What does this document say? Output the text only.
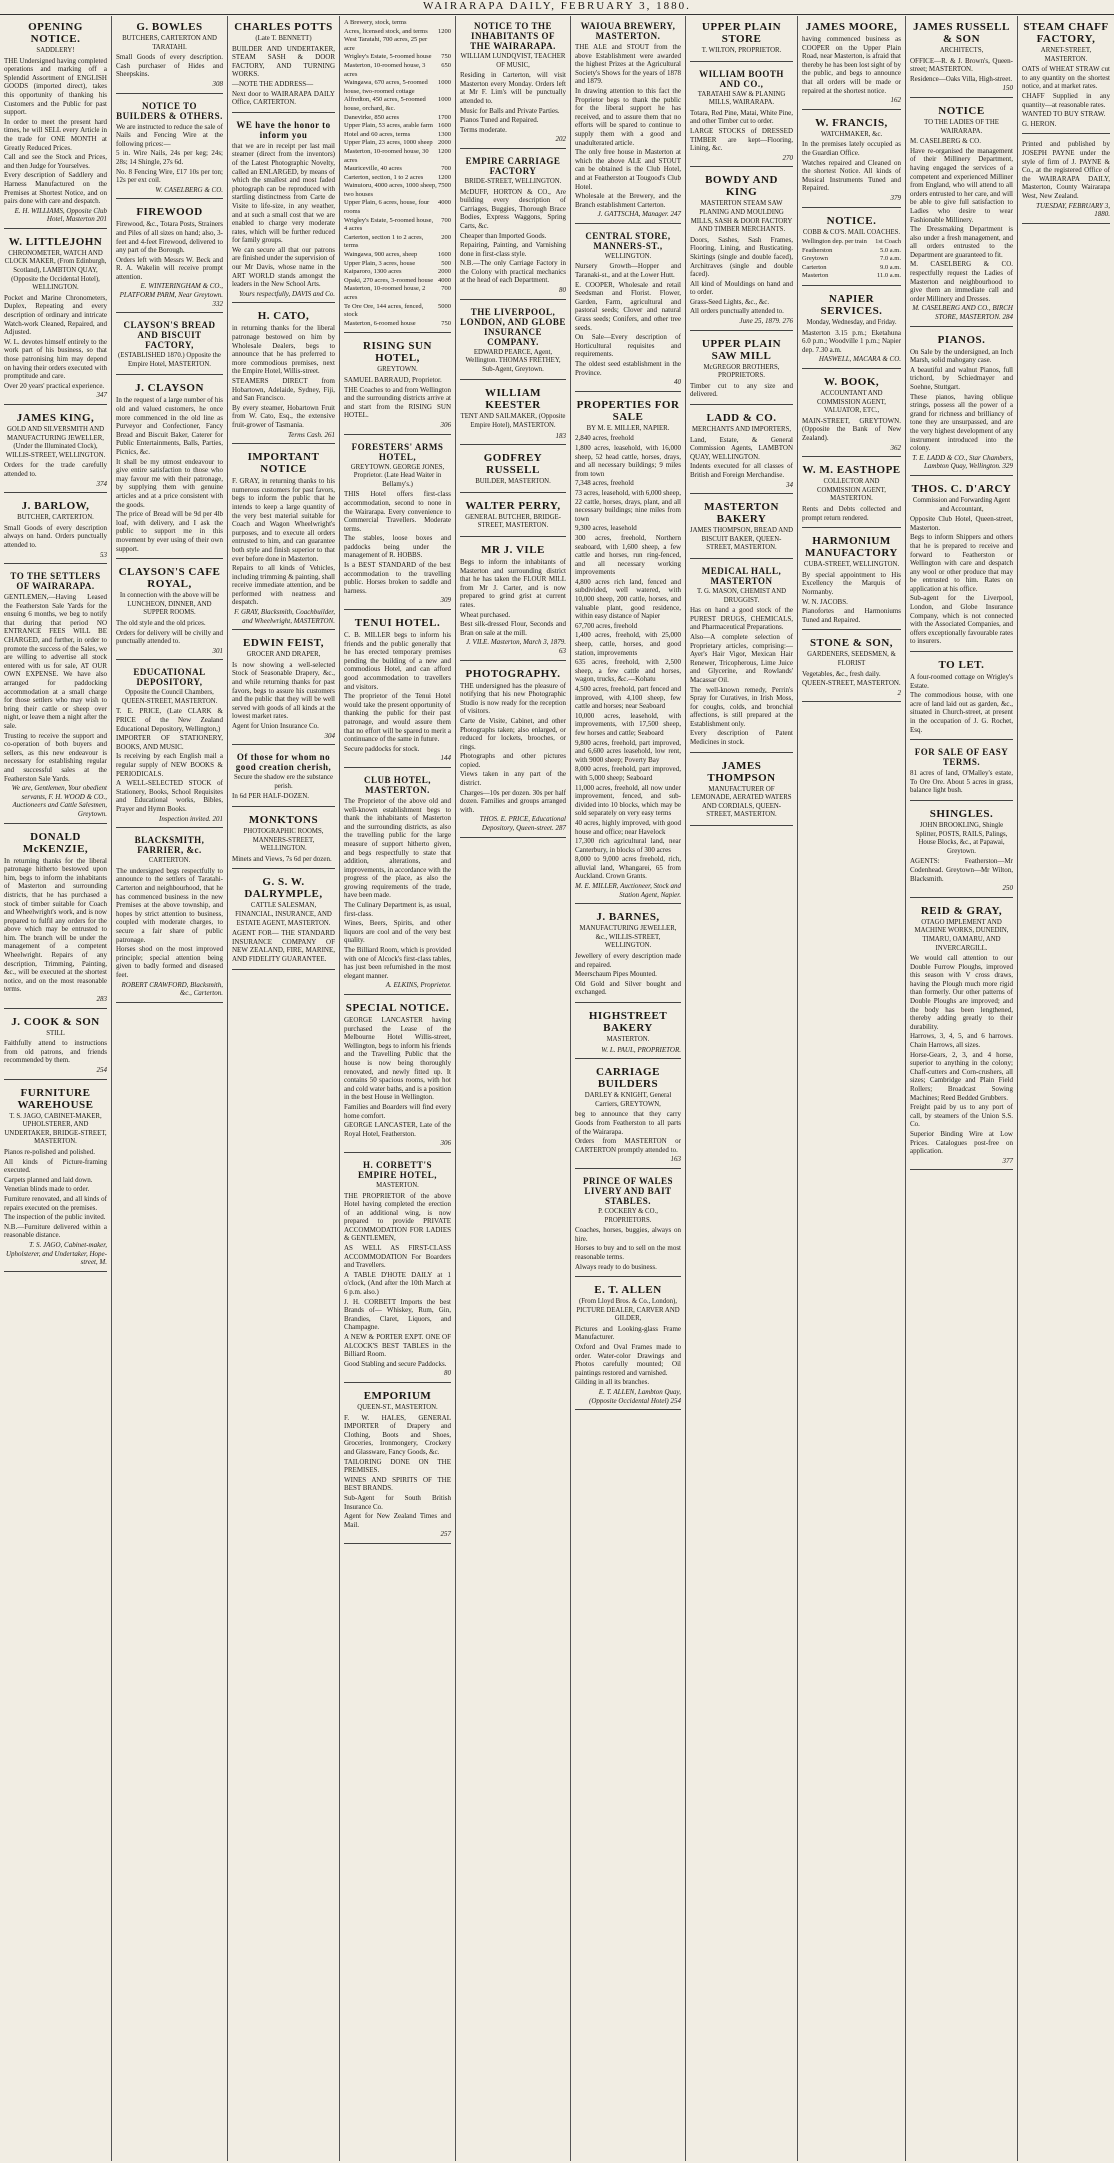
WAIRARAPA DAILY, FEBRUARY 3, 1880.
OPENING NOTICE.
SADDLERY!

THE Undersigned having completed operations and marking off a Splendid Assortment of ENGLISH GOODS (imported direct), takes this opportunity of thanking his Customers and the Public for past support.

In order to meet the present hard times, he will SELL every Article in the trade for ONE MONTH at Greatly Reduced Prices.

Call and see the Stock and Prices, and then Judge for Yourselves.

Every description of Saddlery and Harness Manufactured on the Premises at Shortest Notice, and on pairs done with care and despatch.

E. H. WILLIAMS, Opposite Club Hotel, Masterton 201
W. LITTLEJOHN
CHRONOMETER, WATCH AND CLOCK MAKER, (From Edinburgh, Scotland), LAMBTON QUAY, (Opposite the Occidental Hotel), WELLINGTON.

Pocket and Marine Chronometers, Duplex, Repeating and every description of ordinary and intricate Watch-work Cleaned, Repaired, and Adjusted.

W. L. devotes himself entirely to the work part of his business, so that those patronising him may depend on having their orders executed with promptitude and care.

Over 20 years' practical experience.

347
JAMES KING,
GOLD AND SILVERSMITH AND MANUFACTURING JEWELLER, (Under the Illuminated Clock), WILLIS-STREET, WELLINGTON.

Orders for the trade carefully attended to.

374
J. BARLOW,
BUTCHER, CARTERTON.

Small Goods of every description always on hand. Orders punctually attended to.

53
TO THE SETTLERS OF WAIRARAPA.

GENTLEMEN,—Having Leased the Featherston Sale Yards for the ensuing 6 months, we beg to notify that during that period NO ENTRANCE FEES WILL BE CHARGED, and further, in order to promote the success of the Sales, we are willing to advertise all stock entered with us for sale, AT OUR OWN EXPENSE. We have also arranged for paddocking accommodation at a small charge for those settlers who may wish to bring their cattle or sheep over night, or leave them a night after the sale.

Trusting to receive the support and co-operation of both buyers and sellers, as this new endeavour is necessary for establishing regular and successful sales at the Featherston Sale Yards.

We are, Gentlemen, Your obedient servants, F. H. WOOD & CO., Auctioneers and Cattle Salesmen, Greytown.
DONALD McKENZIE,

In returning thanks for the liberal patronage hitherto bestowed upon him, begs to inform the inhabitants of Masterton and surrounding districts, that he has purchased a stock of timber suitable for Coach and Wheelwright's work, and is now prepared to fulfil any orders for the above which may be entrusted to him. The branch will be under the management of a competent Wheelwright. Repairs of any description, Trimming, Painting, &c., will be executed at the shortest notice, and on the most reasonable terms.

283
J. COOK & SON
STILL

Faithfully attend to instructions from old patrons, and friends recommended by them.

254
FURNITURE WAREHOUSE
T. S. JAGO, CABINET-MAKER, UPHOLSTERER, AND UNDERTAKER, BRIDGE-STREET, MASTERTON.

Pianos re-polished and polished.

All kinds of Picture-framing executed.

Carpets planned and laid down.

Venetian blinds made to order.

Furniture renovated, and all kinds of repairs executed on the premises.

The inspection of the public invited.

N.B.—Furniture delivered within a reasonable distance.

T. S. JAGO, Cabinet-maker, Upholsterer, and Undertaker, Hope-street, M.
G. BOWLES
BUTCHERS, CARTERTON AND TARATAHI.

Small Goods of every description. Cash purchaser of Hides and Sheepskins.

308
NOTICE TO BUILDERS & OTHERS.

We are instructed to reduce the sale of Nails and Fencing Wire at the following prices:—

5 in. Wire Nails, 24s per keg; 24s; 28s; 14 Shingle, 27s 6d.

No. 8 Fencing Wire, £17 10s per ton; 12s per ext coil.

W. CASELBERG & CO.
FIREWOOD

Firewood, &c., Totara Posts, Strainers and Piles of all sizes on hand; also, 3-feet and 4-feet Firewood, delivered to any part of the Borough.

Orders left with Messrs W. Beck and R. A. Wakelin will receive prompt attention.

E. WINTERINGHAM & CO., PLATFORM PARM, Near Greytown. 332
CLAYSON'S BREAD AND BISCUIT FACTORY,
(ESTABLISHED 1870.) Opposite the Empire Hotel, MASTERTON.
J. CLAYSON

In the request of a large number of his old and valued customers, he once more commenced in the old line as Purveyor and Confectioner, Fancy Bread and Biscuit Baker, Caterer for Public Entertainments, Balls, Parties, Picnics, &c.

It shall be my utmost endeavour to give entire satisfaction to those who may favour me with their patronage, by supplying them with genuine articles and at a price consistent with the goods.

The price of Bread will be 9d per 4lb loaf, with delivery, and I ask the public to support me in this movement by ever using of their own support.

CLAYSON'S CAFE ROYAL,
In connection with the above will be LUNCHEON, DINNER, AND SUPPER ROOMS.

The old style and the old prices.

Orders for delivery will be civilly and punctually attended to.

301
EDUCATIONAL DEPOSITORY,
Opposite the Council Chambers, QUEEN-STREET, MASTERTON.

T. E. PRICE, (Late CLARK & PRICE of the New Zealand Educational Depository, Wellington,)

IMPORTER OF STATIONERY, BOOKS, AND MUSIC.

Is receiving by each English mail a regular supply of NEW BOOKS & PERIODICALS.

A WELL-SELECTED STOCK of Stationery, Books, School Requisites and Educational works, Bibles, Prayer and Hymn Books.

Inspection invited. 201
BLACKSMITH, FARRIER, &c.
CARTERTON.

The undersigned begs respectfully to announce to the settlers of Taratahi-Carterton and neighbourhood, that he has commenced business in the new Premises at the above township, and hopes by strict attention to business, coupled with moderate charges, to secure a fair share of public patronage.

Horses shod on the most improved principle; special attention being given to badly formed and diseased feet.

ROBERT CRAWFORD, Blacksmith, &c., Carterton.
CHARLES POTTS
(Late T. BENNETT)

BUILDER AND UNDERTAKER, STEAM SASH & DOOR FACTORY, AND TURNING WORKS.

—NOTE THE ADDRESS—

Next door to WAIRARAPA DAILY Office, CARTERTON.

WE have the honor to inform you

that we are in receipt per last mail steamer (direct from the inventors) of the Latest Photographic Novelty, called an ENLARGED, by means of which the smallest and most faded photograph can be reproduced with startling distinctness from Carte de Visite to life-size, in any weather, and at such a small cost that we are enabled to charge very moderate rates, which will be further reduced for family groups.

We can secure all that our patrons are finished under the supervision of our Mr Davis, whose name in the ART WORLD stands amongst the leaders in the New School Arts.

Yours respectfully, DAVIS and Co.
H. CATO,

in returning thanks for the liberal patronage bestowed on him by Wholesale Dealers, begs to announce that he has preferred to more commodious premises, next the Empire Hotel, Willis-street.

STEAMERS DIRECT from Hobartown, Adelaide, Sydney, Fiji, and San Francisco.

By every steamer, Hobartown Fruit from W. Cato, Esq., the extensive fruit-grower of Tasmania.

Terms Cash. 261
IMPORTANT NOTICE

F. GRAY, in returning thanks to his numerous customers for past favors, begs to inform the public that he intends to keep a large quantity of the very best material suitable for Coach and Wagon Wheelwright's purposes, and to execute all orders entrusted to him, and can guarantee both style and finish superior to that ever before done in Masterton.

Repairs to all kinds of Vehicles, including trimming & painting, shall receive immediate attention, and be performed with neatness and despatch.

F. GRAY, Blacksmith, Coachbuilder, and Wheelwright, MASTERTON.
EDWIN FEIST,
GROCER AND DRAPER,

Is now showing a well-selected Stock of Seasonable Drapery, &c., and while returning thanks for past favors, begs to assure his customers and the public that they will be well served with goods of all kinds at the lowest market rates.

Agent for Union Insurance Co.

304
Of those for whom no good creation cherish,
Secure the shadow ere the substance perish.

In 6d PER HALF-DOZEN.

MONKTONS
PHOTOGRAPHIC ROOMS, MANNERS-STREET, WELLINGTON.

Minets and Views, 7s 6d per dozen.

G. S. W. DALRYMPLE,
CATTLE SALESMAN, FINANCIAL, INSURANCE, AND ESTATE AGENT, MASTERTON.

AGENT FOR— THE STANDARD INSURANCE COMPANY OF NEW ZEALAND, FIRE, MARINE, AND FIDELITY GUARANTEE.

A Brewery, stock, terms	
Acres, licensed stock, and terms	1200
West Taratahi, 700 acres, 25 per acre	
Wrigley's Estate, 5-roomed house	750
Masterton, 10-roomed house, 3 acres	650
Waingawa, 670 acres, 5-roomed house, two-roomed cottage	1000
Alfredton, 450 acres, 5-roomed house, orchard, &c.	1000
Danevirke, 850 acres	1700
Upper Plain, 53 acres, arable farm	1600
Hotel and 60 acres, terms	1300
Upper Plain, 23 acres, 1000 sheep	2000
Masterton, 10-roomed house, 30 acres	1200
Mauriceville, 40 acres	700
Carterton, section, 1 to 2 acres	1200
Wainuioru, 4000 acres, 1000 sheep, two houses	7500
Upper Plain, 6 acres, house, four rooms	4000
Wrigley's Estate, 5-roomed house, 4 acres	700
Carterton, section 1 to 2 acres, terms	200
Waingawa, 900 acres, sheep	1600
Upper Plain, 3 acres, house	500
Kaiparoro, 1300 acres	2000
Opaki, 270 acres, 3-roomed house	4000
Masterton, 10-roomed house, 2 acres	700
Te Ore Ore, 144 acres, fenced, stock	5000
Masterton, 6-roomed house	750
RISING SUN HOTEL,
GREYTOWN.

SAMUEL BARRAUD, Proprietor.

THE Coaches to and from Wellington and the surrounding districts arrive at and start from the RISING SUN HOTEL.

306
FORESTERS' ARMS HOTEL,
GREYTOWN. GEORGE JONES, Proprietor. (Late Head Waiter in Bellamy's.)

THIS Hotel offers first-class accommodation, second to none in the Wairarapa. Every convenience to Commercial Travellers. Moderate terms.

The stables, loose boxes and paddocks being under the management of R. HOBBS.

Is a BEST STANDARD of the best accommodation to the travelling public. Horses broken to saddle and harness.

309
TENUI HOTEL.

C. B. MILLER begs to inform his friends and the public generally that he has erected temporary premises pending the building of a new and commodious Hotel, and can afford good accommodation to travellers and visitors.

The proprietor of the Tenui Hotel would take the present opportunity of thanking the public for their past patronage, and would assure them that no effort will be spared to merit a continuance of the same in future.

Secure paddocks for stock.

144
CLUB HOTEL, MASTERTON.

The Proprietor of the above old and well-known establishment begs to thank the inhabitants of Masterton and the surrounding districts, as also the travelling public for the large measure of support hitherto given, and begs respectfully to state that addition, alterations, and improvements, in accordance with the progress of the place, as also the growing requirements of the trade, have been made.

The Culinary Department is, as usual, first-class.

Wines, Beers, Spirits, and other liquors are cool and of the very best quality.

The Billiard Room, which is provided with one of Alcock's first-class tables, has just been refurnished in the most elegant manner.

A. ELKINS, Proprietor.
SPECIAL NOTICE.

GEORGE LANCASTER having purchased the Lease of the Melbourne Hotel Willis-street, Wellington, begs to inform his friends and the Travelling Public that the house is now being thoroughly renovated, and newly fitted up. It contains 50 spacious rooms, with hot and cold water baths, and is a position in the best House in Wellington.

Families and Boarders will find every home comfort.

GEORGE LANCASTER, Late of the Royal Hotel, Featherston.

306
H. CORBETT'S EMPIRE HOTEL,
MASTERTON.

THE PROPRIETOR of the above Hotel having completed the erection of an additional wing, is now prepared to provide PRIVATE ACCOMMODATION FOR LADIES & GENTLEMEN,

AS WELL AS FIRST-CLASS ACCOMMODATION For Boarders and Travellers.

A TABLE D'HOTE DAILY at 1 o'clock, (And after the 10th March at 6 p.m. also.)

J. H. CORBETT Imports the best Brands of— Whiskey, Rum, Gin, Brandies, Claret, Liquors, and Champagne.

A NEW & PORTER EXPT. ONE OF ALCOCK'S BEST TABLES in the Billiard Room.

Good Stabling and secure Paddocks.

80
EMPORIUM
QUEEN-ST., MASTERTON.

F. W. HALES, GENERAL IMPORTER of Drapery and Clothing, Boots and Shoes, Groceries, Ironmongery, Crockery and Glassware, Fancy Goods, &c.

TAILORING DONE ON THE PREMISES.

WINES AND SPIRITS OF THE BEST BRANDS.

Sub-Agent for South British Insurance Co.

Agent for New Zealand Times and Mail.

257
NOTICE TO THE INHABITANTS OF THE WAIRARAPA.
WILLIAM LUNDQVIST, TEACHER OF MUSIC,

Residing in Carterton, will visit Masterton every Monday. Orders left at Mr F. Lim's will be punctually attended to.

Music for Balls and Private Parties.

Pianos Tuned and Repaired.

Terms moderate.

202
EMPIRE CARRIAGE FACTORY
BRIDE-STREET, WELLINGTON.

McDUFF, HORTON & CO., Are building every description of Carriages, Buggies, Thorough Brace Bodies, Express Waggons, Spring Carts, &c.

Cheaper than Imported Goods.

Repairing, Painting, and Varnishing done in first-class style.

N.B.—The only Carriage Factory in the Colony with practical mechanics at the head of each Department.

80
THE LIVERPOOL, LONDON, AND GLOBE INSURANCE COMPANY.
EDWARD PEARCE, Agent, Wellington. THOMAS FRETHEY, Sub-Agent, Greytown.
WILLIAM KEESTER
TENT AND SAILMAKER, (Opposite Empire Hotel), MASTERTON.
183
GODFREY RUSSELL
BUILDER, MASTERTON.
WALTER PERRY,
GENERAL BUTCHER, BRIDGE-STREET, MASTERTON.
MR J. VILE

Begs to inform the inhabitants of Masterton and surrounding district that he has taken the FLOUR MILL from Mr J. Carter, and is now prepared to grind grist at current rates.

Wheat purchased.

Best silk-dressed Flour, Seconds and Bran on sale at the mill.

J. VILE. Masterton, March 3, 1879. 63
PHOTOGRAPHY.

THE undersigned has the pleasure of notifying that his new Photographic Studio is now ready for the reception of visitors.

Carte de Visite, Cabinet, and other Photographs taken; also enlarged, or reduced for lockets, brooches, or rings.

Photographs and other pictures copied.

Views taken in any part of the district.

Charges—10s per dozen. 30s per half dozen. Families and groups arranged with.

THOS. E. PRICE, Educational Depository, Queen-street. 287
WAIOUA BREWERY, MASTERTON.

THE ALE and STOUT from the above Establishment were awarded the highest Prizes at the Agricultural Society's Shows for the years of 1878 and 1879.

In drawing attention to this fact the Proprietor begs to thank the public for the liberal support he has received, and to assure them that no efforts will be spared to continue to supply them with a good and unadulterated article.

The only free house in Masterton at which the above ALE and STOUT can be obtained is the Club Hotel, and at Featherston at Tougood's Club Hotel.

Wholesale at the Brewery, and the Branch establishment Carterton.

J. GATTSCHA, Manager. 247
CENTRAL STORE, MANNERS-ST.,
WELLINGTON.

Nursery Growth—Hopper and Taranaki-st., and at the Lower Hutt.

E. COOPER, Wholesale and retail Seedsman and Florist. Flower, Garden, Farm, agricultural and pastoral seeds; Clover and natural Grass seeds; Conifers, and other tree seeds.

On Sale—Every description of Horticultural requisites and requirements.

The oldest seed establishment in the Province.

40
PROPERTIES FOR SALE
BY M. E. MILLER, NAPIER.

2,840 acres, freehold

1,800 acres, leasehold, with 16,000 sheep, 52 head cattle, horses, drays, and all necessary buildings; 9 miles from town

7,348 acres, freehold

73 acres, leasehold, with 6,000 sheep, 22 cattle, horses, drays, plant, and all necessary buildings; nine miles from town

9,300 acres, leasehold

300 acres, freehold, Northern seaboard, with 1,600 sheep, a few cattle and horses, run ring-fenced, and all necessary working improvements

4,800 acres rich land, fenced and subdivided, well watered, with 10,000 sheep, 200 cattle, horses, and valuable plant, good residence, within easy distance of Napier

67,700 acres, freehold

1,400 acres, freehold, with 25,000 sheep, cattle, horses, and good station, improvements

635 acres, freehold, with 2,500 sheep, a few cattle and horses, wagon, trucks, &c.—Kohatu

4,500 acres, freehold, part fenced and improved, with 4,100 sheep, few cattle and horses; near Seaboard

10,000 acres, leasehold, with improvements, with 17,500 sheep, few horses and cattle; Seaboard

9,800 acres, freehold, part improved, and 6,600 acres leasehold, low rent, with 9000 sheep; Poverty Bay

8,000 acres, freehold, part improved, with 5,000 sheep; Seaboard

11,000 acres, freehold, all now under improvement, fenced, and sub-divided into 10 blocks, which may be sold separately on very easy terms

40 acres, highly improved, with good house and office; near Havelock

17,300 rich agricultural land, near Canterbury, in blocks of 300 acres

8,000 to 9,000 acres freehold, rich, alluvial land, Whangarei, 65 from Auckland. Crown Grants.

M. E. MILLER, Auctioneer, Stock and Station Agent, Napier.
J. BARNES,
MANUFACTURING JEWELLER, &c., WILLIS-STREET, WELLINGTON.

Jewellery of every description made and repaired.

Meerschaum Pipes Mounted.

Old Gold and Silver bought and exchanged.

HIGHSTREET BAKERY
MASTERTON.
W. L. PAUL, PROPRIETOR.
CARRIAGE BUILDERS
DARLEY & KNIGHT, General Carriers, GREYTOWN,

beg to announce that they carry Goods from Featherston to all parts of the Wairarapa.

Orders from MASTERTON or CARTERTON promptly attended to.

163
PRINCE OF WALES LIVERY AND BAIT STABLES.
P. COCKERY & CO., PROPRIETORS.

Coaches, horses, buggies, always on hire.

Horses to buy and to sell on the most reasonable terms.

Always ready to do business.

E. T. ALLEN
(From Lloyd Bros. & Co., London), PICTURE DEALER, CARVER AND GILDER,

Pictures and Looking-glass Frame Manufacturer.

Oxford and Oval Frames made to order. Water-color Drawings and Photos carefully mounted; Oil paintings restored and varnished.

Gilding in all its branches.

E. T. ALLEN, Lambton Quay, (Opposite Occidental Hotel) 254
UPPER PLAIN STORE
T. WILTON, PROPRIETOR.
WILLIAM BOOTH AND CO.,
TARATAHI SAW & PLANING MILLS, WAIRARAPA.

Totara, Red Pine, Matai, White Pine, and other Timber cut to order.

LARGE STOCKS of DRESSED TIMBER are kept—Flooring, Lining, &c.

270
BOWDY AND KING
MASTERTON STEAM SAW PLANING AND MOULDING MILLS, SASH & DOOR FACTORY AND TIMBER MERCHANTS.

Doors, Sashes, Sash Frames, Flooring, Lining, and Rusticating. Skirtings (single and double faced), Architraves (single and double faced).

All kind of Mouldings on hand and to order.

Grass-Seed Lights, &c., &c.

All orders punctually attended to.

June 25, 1879. 276
UPPER PLAIN SAW MILL
McGREGOR BROTHERS, PROPRIETORS.

Timber cut to any size and delivered.

LADD & CO.
MERCHANTS AND IMPORTERS,

Land, Estate, & General Commission Agents, LAMBTON QUAY, WELLINGTON.

Indents executed for all classes of British and Foreign Merchandise.

34
MASTERTON BAKERY
JAMES THOMPSON, BREAD AND BISCUIT BAKER, QUEEN-STREET, MASTERTON.
MEDICAL HALL, MASTERTON
T. G. MASON, CHEMIST AND DRUGGIST.

Has on hand a good stock of the PUREST DRUGS, CHEMICALS, and Pharmaceutical Preparations.

Also—A complete selection of Proprietary articles, comprising:—Ayer's Hair Vigor, Mexican Hair Renewer, Tricopherous, Lime Juice and Glycerine, and Rowlands' Macassar Oil.

The well-known remedy, Perrin's Spray for Curatives, in Irish Moss, for coughs, colds, and bronchial affections, is still prepared at the Establishment only.

Every description of Patent Medicines in stock.

JAMES THOMPSON
MANUFACTURER OF LEMONADE, AERATED WATERS AND CORDIALS, QUEEN-STREET, MASTERTON.
JAMES MOORE,

having commenced business as COOPER on the Upper Plain Road, near Masterton, is afraid that thereby he has been lost sight of by the public, and begs to announce that all orders will be made or repaired at the shortest notice.

162
W. FRANCIS,
WATCHMAKER, &c.

In the premises lately occupied as the Guardian Office.

Watches repaired and Cleaned on the shortest Notice. All kinds of Musical Instruments Tuned and Repaired.

379
NOTICE.
COBB & CO'S. MAIL COACHES.
Wellington dep. per train	1st Coach
Featherston	5.0 a.m.
Greytown	7.0 a.m.
Carterton	9.0 a.m.
Masterton	11.0 a.m.
NAPIER SERVICES.
Monday, Wednesday, and Friday.

Masterton 3.15 p.m.; Eketahuna 6.0 p.m.; Woodville 1 p.m.; Napier dep. 7.30 a.m.

HASWELL, MACARA & CO.
W. BOOK,
ACCOUNTANT AND COMMISSION AGENT, VALUATOR, ETC.,

MAIN-STREET, GREYTOWN. (Opposite the Bank of New Zealand).

362
W. M. EASTHOPE
COLLECTOR AND COMMISSION AGENT, MASTERTON.

Rents and Debts collected and prompt return rendered.

HARMONIUM MANUFACTORY
CUBA-STREET, WELLINGTON.

By special appointment to His Excellency the Marquis of Normanby.

W. N. JACOBS.

Pianofortes and Harmoniums Tuned and Repaired.

STONE & SON,
GARDENERS, SEEDSMEN, & FLORIST

Vegetables, &c., fresh daily.

QUEEN-STREET, MASTERTON.

2
JAMES RUSSELL & SON
ARCHITECTS,

OFFICE—R. & J. Brown's, Queen-street; MASTERTON.

Residence—Oaks Villa, High-street.

150
NOTICE
TO THE LADIES OF THE WAIRARAPA.

M. CASELBERG & CO.

Have re-organised the management of their Millinery Department, having engaged the services of a competent and experienced Milliner from England, who will attend to all orders entrusted to her care, and will be able to give full satisfaction to Ladies who desire to wear Fashionable Millinery.

The Dressmaking Department is also under a fresh management, and all orders entrusted to the Department are guaranteed to fit.

M. CASELBERG & CO. respectfully request the Ladies of Masterton and neighbourhood to give them an immediate call and order Millinery and Dresses.

M. CASELBERG AND CO., BIRCH STORE, MASTERTON. 284
PIANOS.

On Sale by the undersigned, an Inch Marsh, solid mahogany case.

A beautiful and walnut Pianos, full trichord, by Schiedmayer and Soehne, Stuttgart.

These pianos, having oblique strings, possess all the power of a grand for richness and brilliancy of tone they are unsurpassed, and are the very highest development of any instrument introduced into the colony.

T. E. LADD & CO., Star Chambers, Lambton Quay, Wellington. 329
THOS. C. D'ARCY
Commission and Forwarding Agent and Accountant,

Opposite Club Hotel, Queen-street, Masterton.

Begs to inform Shippers and others that he is prepared to receive and forward to Featherston or Wellington with care and despatch any wool or other produce that may be entrusted to him. Rates on application at his office.

Sub-agent for the Liverpool, London, and Globe Insurance Company, which is not connected with the Associated Companies, and offers exceptionally favourable rates to insurers.

TO LET.

A four-roomed cottage on Wrigley's Estate.

The commodious house, with one acre of land laid out as garden, &c., situated in Church-street, at present in the occupation of J. G. Rochet, Esq.

FOR SALE OF EASY TERMS.

81 acres of land, O'Malley's estate, To Ore Ore. About 5 acres in grass, balance light bush.

SHINGLES.
JOHN BROOKLING, Shingle Splitter, POSTS, RAILS, Palings, House Blocks, &c., at Papawai, Greytown.

AGENTS: Featherston—Mr Codenhead. Greytown—Mr Wilton, Blacksmith.

250
REID & GRAY,
OTAGO IMPLEMENT AND MACHINE WORKS, DUNEDIN, TIMARU, OAMARU, AND INVERCARGILL.

We would call attention to our Double Furrow Ploughs, improved this season with V cross draws, having the Plough much more rigid than formerly. Our other patterns of Double Ploughs are improved; and the body has been lengthened, thereby adding greatly to their durability.

Harrows, 3, 4, 5, and 6 harrows. Chain Harrows, all sizes.

Horse-Gears, 2, 3, and 4 horse, superior to anything in the colony; Chaff-cutters and Corn-crushers, all sizes; Cambridge and Plain Field Rollers; Broadcast Sowing Machines; Reed Bedded Grubbers.

Freight paid by us to any port of call, by steamers of the Union S.S. Co.

Superior Binding Wire at Low Prices. Catalogues post-free on application.

377
STEAM CHAFF FACTORY,
ARNET-STREET, MASTERTON.

OATS of WHEAT STRAW cut to any quantity on the shortest notice, and at market rates.

CHAFF Supplied in any quantity—at reasonable rates.

WANTED TO BUY STRAW.

G. HERON.

Printed and published by JOSEPH PAYNE under the style of firm of J. PAYNE & Co., at the registered Office of the WAIRARAPA DAILY, Masterton, County Wairarapa West, New Zealand.

TUESDAY, FEBRUARY 3, 1880.
